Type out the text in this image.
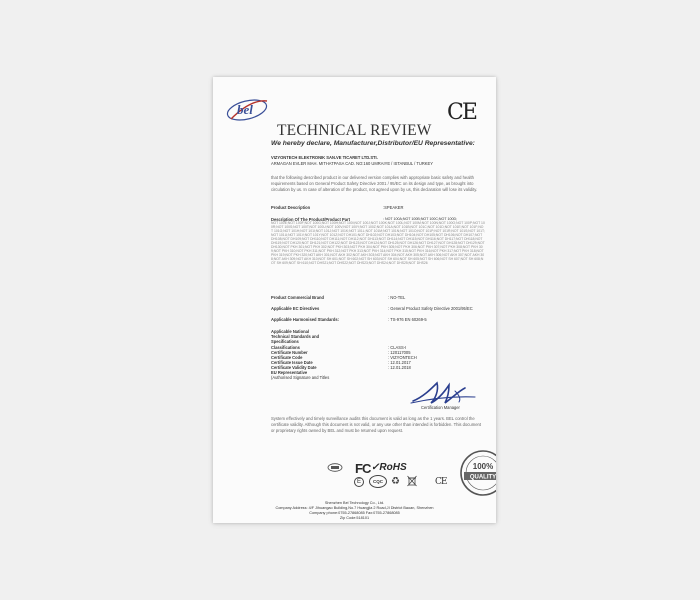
bel	CE
TECHNICAL REVIEW
We hereby declare, Manufacturer,Distributor/EU Representative:
VIZYONTECH ELEKTRONIK SAN.VE TICARET LTD.STI.
ARMAGAN EVLER MAH. MITHATPASA CAD. NO:160 UMRAIYE / ISTANBUL / TURKEY
that the following described product in our delivered version complies with appropriate basic safety and health requirements based on General Product Safety Directive 2001 / 95/EC on its design and type, as brought into circulation by us. In case of alteration of the product, not agreed upon by us, this declaration will lose its validity.
Product Description	:SPEAKER
Description Of The Product/Product Part	: NOT 100A;NOT 100B;NOT 100C;NOT 100D;
NOT 100E;NOT 100F;NOT 100G;NOT 100H;NOT 100I;NOT 100J;NOT 100K;NOT 100L;NOT 100M;NOT 100N;NOT 100O;NOT 100P;NOT 100R;NOT 100S;NOT 100T;NOT 100U;NOT 100V;NOT 100Y;NOT 100Z;NOT 101A;NOT 101B;NOT 101C;NOT 101D;NOT 101E;NOT 101F;NOT 101G;NOT 101H;NOT 101I;NOT 101J;NOT 101K;NOT 101L;NOT 101M;NOT 101N;NOT 101O;NOT 101P;NOT 101R;NOT 101S;NOT 101T;NOT 101U;NOT 101V;NOT 101Y;NOT 101Z;NOT DH101;NOT DH102;NOT DH103;NOT DH104;NOT DH105;NOT DH106;NOT DH107;NOT DH108;NOT DH109;NOT DH110;NOT DH111;NOT DH112;NOT DH113;NOT DH114;NOT DH115;NOT DH116;NOT DH117;NOT DH118;NOT DH119;NOT DH120;NOT DH121;NOT DH122;NOT DH123;NOT DH124;NOT DH125;NOT DH126;NOT DH127;NOT DH128;NOT DH129;NOT DH130;NOT PKH 301;NOT PKH 302;NOT PKH 303;NOT PKH 304;NOT PKH 305;NOT PKH 306;NOT PKH 307;NOT PKH 308;NOT PKH 309;NOT PKH 310;NOT PKH 311;NOT PKH 312;NOT PKH 313;NOT PKH 314;NOT PKH 315;NOT PKH 316;NOT PKH 317;NOT PKH 318;NOT PKH 319;NOT PKH 320;NOT AKH 301;NOT AKH 302;NOT AKH 303;NOT AKH 304;NOT AKH 305;NOT AKH 306;NOT AKH 307;NOT AKH 308;NOT AKH 309;NOT AKH 310;NOT SH 601;NOT SH 602;NOT SH 603;NOT SH 604;NOT SH 605;NOT SH 606;NOT SH 607;NOT SH 608;NOT SH 609;NOT SH 610;NOT DHS21;NOT DHS22;NOT DHS23;NOT DHS24;NOT DHS25;NOT DHS26
Product Commercial Brand	: NO-TEL
Applicable EC Directives	: General Product Safety Directive 2001/95/EC
Applicable Harmonised Standards:	: TS-976 EN 60269-5
Applicable National
Technical Standards and
Specifications
Classifications	: CLASS-I
Certificate Number	: 120117005
Certificate Code	: VIZYONTECH
Certificate Issue Date	: 12.01.2017
Certificate Validity Date	: 12.01.2018
EU Representative
(Authorised Signature and Titles
Certification Manager
System effectively and timely surveillance audits this document is valid as long as the 1 years. BEL control the certificate validity. Although this document is not valid, or any use other than intended is forbidden. This document or proprietary rights owned by BEL and must be returned upon request.
FC ✓RoHS	100%
QUALITY
E	CQC ♻	CE
Shenzhen Bel Technology Co., Ltd.
Company Address: 4/F Jihuangao Building,No.7 Huangjia 2 Road,JI District Baoan, Shenzhen
Company phone:0755-27868085 Fax:0755-27868085
Zip Code:518101
